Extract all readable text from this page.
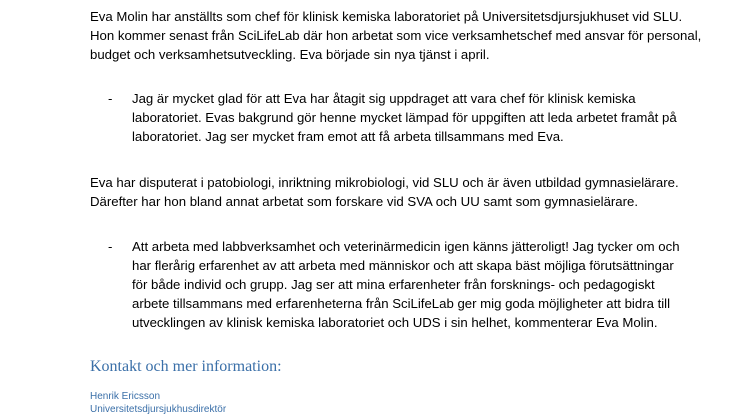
Eva Molin har anställts som chef för klinisk kemiska laboratoriet på Universitetsdjursjukhuset vid SLU.
Hon kommer senast från SciLifeLab där hon arbetat som vice verksamhetschef med ansvar för personal,
budget och verksamhetsutveckling. Eva började sin nya tjänst i april.

- Jag är mycket glad för att Eva har åtagit sig uppdraget att vara chef för klinisk kemiska
laboratoriet. Evas bakgrund gör henne mycket lämpad för uppgiften att leda arbetet framåt på
laboratoriet. Jag ser mycket fram emot att få arbeta tillsammans med Eva.

Eva har disputerat i patobiologi, inriktning mikrobiologi, vid SLU och är även utbildad gymnasielärare.
Därefter har hon bland annat arbetat som forskare vid SVA och UU samt som gymnasielärare.

- Att arbeta med labbverksamhet och veterinärmedicin igen känns jätteroligt! Jag tycker om och
har flerårig erfarenhet av att arbeta med människor och att skapa bäst möjliga förutsättningar
för både individ och grupp. Jag ser att mina erfarenheter från forsknings- och pedagogiskt
arbete tillsammans med erfarenheterna från SciLifeLab ger mig goda möjligheter att bidra till
utvecklingen av klinisk kemiska laboratoriet och UDS i sin helhet, kommenterar Eva Molin.
Kontakt och mer information:

Henrik Ericsson

Universitetsdjursjukhusdirektör
